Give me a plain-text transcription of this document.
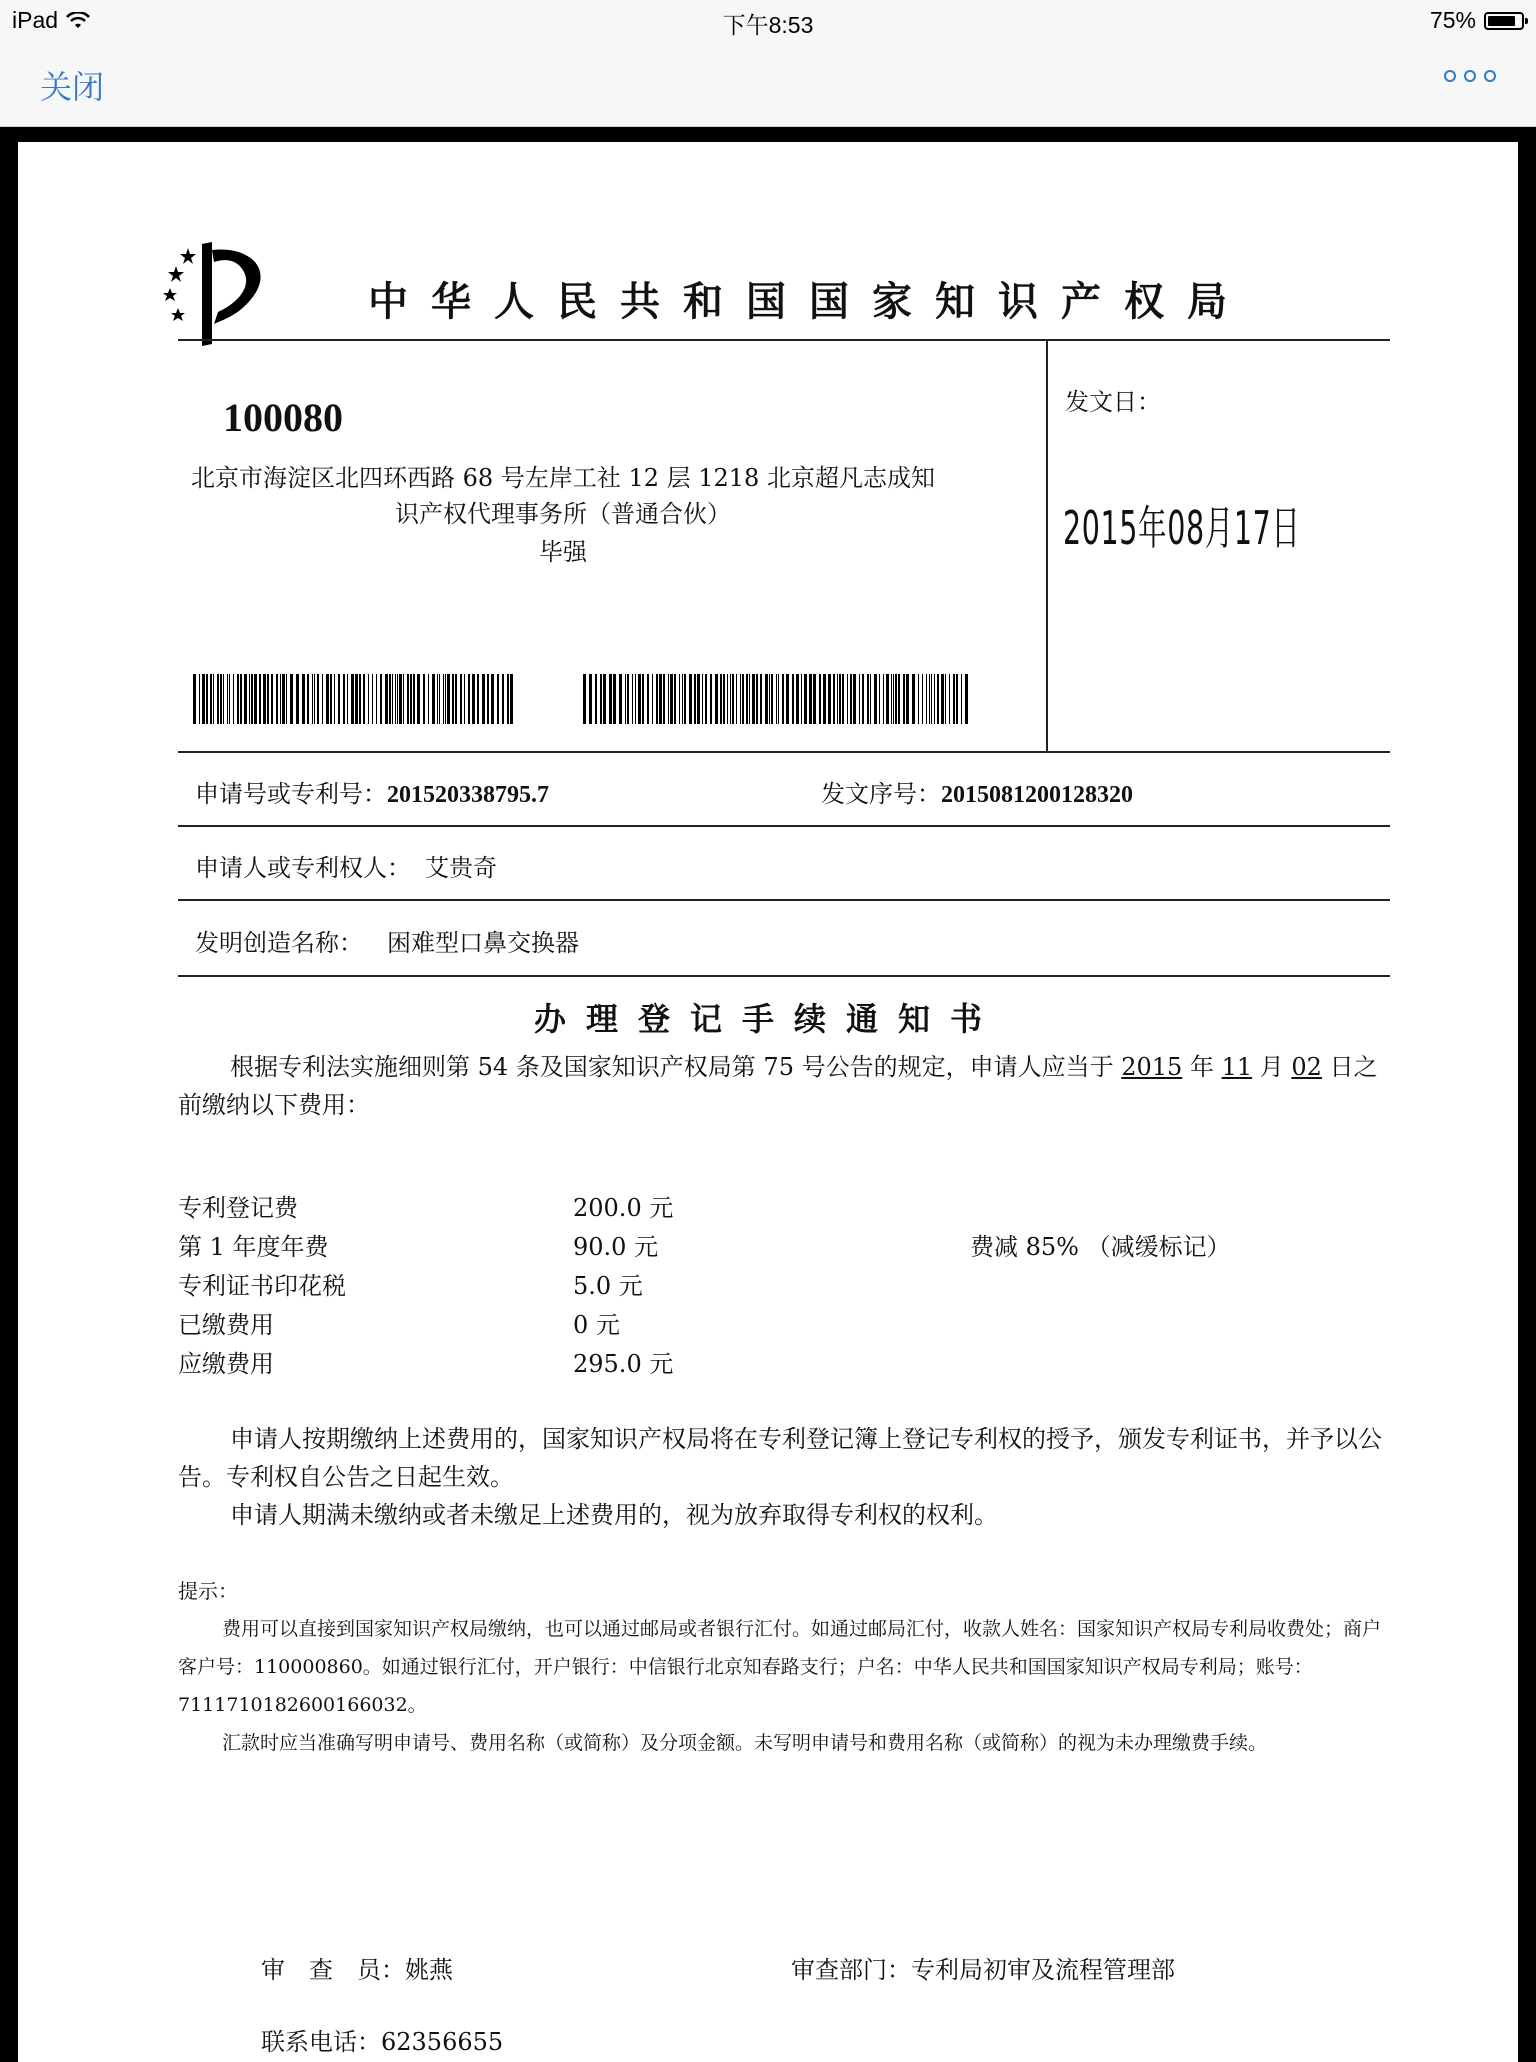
iPad	下午8:53	75%
关闭
中华人民共和国国家知识产权局
100080
北京市海淀区北四环西路 68 号左岸工社 12 层 1218 北京超凡志成知
识产权代理事务所（普通合伙）
毕强
发文日：
2015年08月17日
申请号或专利号：201520338795.7	发文序号：2015081200128320
申请人或专利权人： 艾贵奇
发明创造名称： 困难型口鼻交换器
办理登记手续通知书
根据专利法实施细则第 54 条及国家知识产权局第 75 号公告的规定，申请人应当于 2015 年 11 月 02 日之前缴纳以下费用：
专利登记费	200.0 元
第 1 年度年费	90.0 元	费减 85% （减缓标记）
专利证书印花税	5.0 元
已缴费用	0 元
应缴费用	295.0 元
申请人按期缴纳上述费用的，国家知识产权局将在专利登记簿上登记专利权的授予，颁发专利证书，并予以公告。专利权自公告之日起生效。
申请人期满未缴纳或者未缴足上述费用的，视为放弃取得专利权的权利。
提示：
费用可以直接到国家知识产权局缴纳，也可以通过邮局或者银行汇付。如通过邮局汇付，收款人姓名：国家知识产权局专利局收费处；商户客户号：110000860。如通过银行汇付，开户银行：中信银行北京知春路支行；户名：中华人民共和国国家知识产权局专利局；账号：7111710182600166032。
汇款时应当准确写明申请号、费用名称（或简称）及分项金额。未写明申请号和费用名称（或简称）的视为未办理缴费手续。
审　查　员：姚燕	审查部门：专利局初审及流程管理部
联系电话：62356655
